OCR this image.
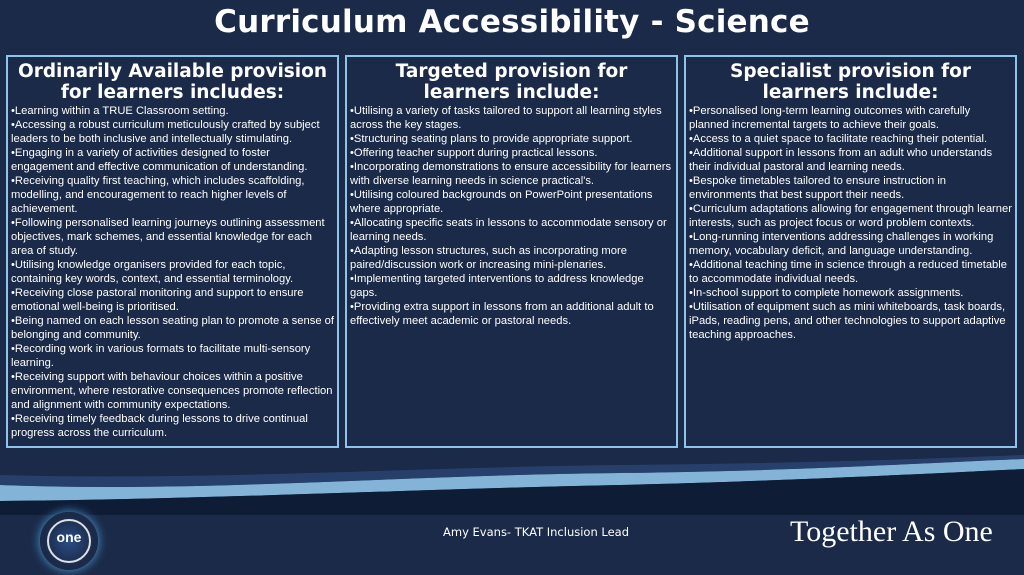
Curriculum Accessibility - Science
Ordinarily Available provision for learners includes:
• Learning within a TRUE Classroom setting.
• Accessing a robust curriculum meticulously crafted by subject leaders to be both inclusive and intellectually stimulating.
• Engaging in a variety of activities designed to foster engagement and effective communication of understanding.
• Receiving quality first teaching, which includes scaffolding, modelling, and encouragement to reach higher levels of achievement.
• Following personalised learning journeys outlining assessment objectives, mark schemes, and essential knowledge for each area of study.
• Utilising knowledge organisers provided for each topic, containing key words, context, and essential terminology.
• Receiving close pastoral monitoring and support to ensure emotional well-being is prioritised.
• Being named on each lesson seating plan to promote a sense of belonging and community.
• Recording work in various formats to facilitate multi-sensory learning.
• Receiving support with behaviour choices within a positive environment, where restorative consequences promote reflection and alignment with community expectations.
• Receiving timely feedback during lessons to drive continual progress across the curriculum.
Targeted provision for learners include:
• Utilising a variety of tasks tailored to support all learning styles across the key stages.
• Structuring seating plans to provide appropriate support.
• Offering teacher support during practical lessons.
• Incorporating demonstrations to ensure accessibility for learners with diverse learning needs in science practical's.
• Utilising coloured backgrounds on PowerPoint presentations where appropriate.
• Allocating specific seats in lessons to accommodate sensory or learning needs.
• Adapting lesson structures, such as incorporating more paired/discussion work or increasing mini-plenaries.
• Implementing targeted interventions to address knowledge gaps.
• Providing extra support in lessons from an additional adult to effectively meet academic or pastoral needs.
Specialist provision for learners include:
• Personalised long-term learning outcomes with carefully planned incremental targets to achieve their goals.
• Access to a quiet space to facilitate reaching their potential.
• Additional support in lessons from an adult who understands their individual pastoral and learning needs.
• Bespoke timetables tailored to ensure instruction in environments that best support their needs.
• Curriculum adaptations allowing for engagement through learner interests, such as project focus or word problem contexts.
• Long-running interventions addressing challenges in working memory, vocabulary deficit, and language understanding.
• Additional teaching time in science through a reduced timetable to accommodate individual needs.
• In-school support to complete homework assignments.
• Utilisation of equipment such as mini whiteboards, task boards, iPads, reading pens, and other technologies to support adaptive teaching approaches.
one	Amy Evans- TKAT Inclusion Lead	Together As One
